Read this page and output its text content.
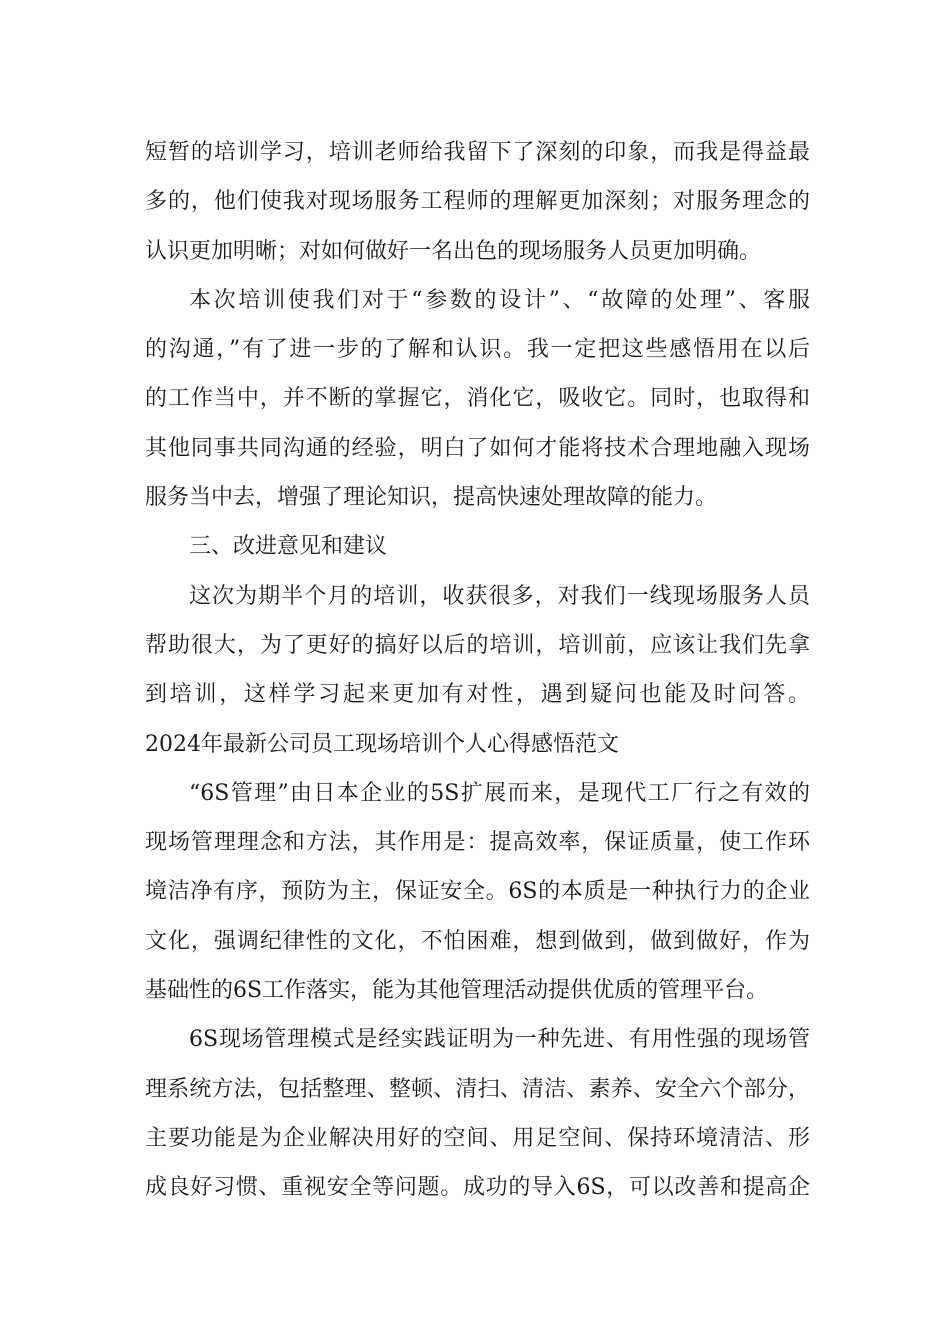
短暂的培训学习，培训老师给我留下了深刻的印象，而我是得益最
多的，他们使我对现场服务工程师的理解更加深刻；对服务理念的
认识更加明晰；对如何做好一名出色的现场服务人员更加明确。
本次培训使我们对于“参数的设计”、“故障的处理”、客服
的沟通，”有了进一步的了解和认识。我一定把这些感悟用在以后
的工作当中，并不断的掌握它，消化它，吸收它。同时，也取得和
其他同事共同沟通的经验，明白了如何才能将技术合理地融入现场
服务当中去，增强了理论知识，提高快速处理故障的能力。
三、改进意见和建议
这次为期半个月的培训，收获很多，对我们一线现场服务人员
帮助很大，为了更好的搞好以后的培训，培训前，应该让我们先拿
到培训，这样学习起来更加有对性，遇到疑问也能及时问答。
2024年最新公司员工现场培训个人心得感悟范文
“6S管理”由日本企业的5S扩展而来，是现代工厂行之有效的
现场管理理念和方法，其作用是：提高效率，保证质量，使工作环
境洁净有序，预防为主，保证安全。6S的本质是一种执行力的企业
文化，强调纪律性的文化，不怕困难，想到做到，做到做好，作为
基础性的6S工作落实，能为其他管理活动提供优质的管理平台。
6S现场管理模式是经实践证明为一种先进、有用性强的现场管
理系统方法，包括整理、整顿、清扫、清洁、素养、安全六个部分，
主要功能是为企业解决用好的空间、用足空间、保持环境清洁、形
成良好习惯、重视安全等问题。成功的导入6S，可以改善和提高企
